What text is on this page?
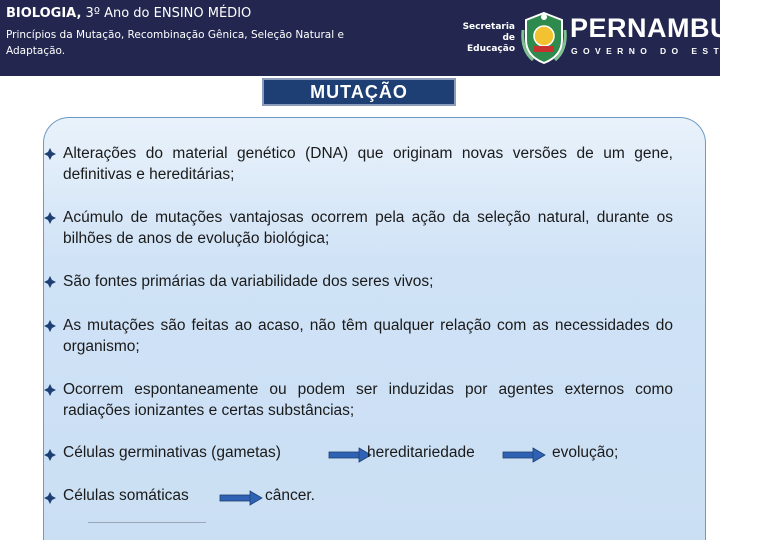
BIOLOGIA, 3º Ano do ENSINO MÉDIO
Princípios da Mutação, Recombinação Gênica, Seleção Natural e Adaptação.
Secretaria de
Educação
PERNAMBUCO
GOVERNO DO ESTADO
MUTAÇÃO
Alterações do material genético (DNA) que originam novas versões de um gene, definitivas e hereditárias;
Acúmulo de mutações vantajosas ocorrem pela ação da seleção natural, durante os bilhões de anos de evolução biológica;
São fontes primárias da variabilidade dos seres vivos;
As mutações são feitas ao acaso, não têm qualquer relação com as necessidades do organismo;
Ocorrem espontaneamente ou podem ser induzidas por agentes externos como radiações ionizantes e certas substâncias;
Células germinativas (gametas)	hereditariedade	evolução;
Células somáticas	câncer.
